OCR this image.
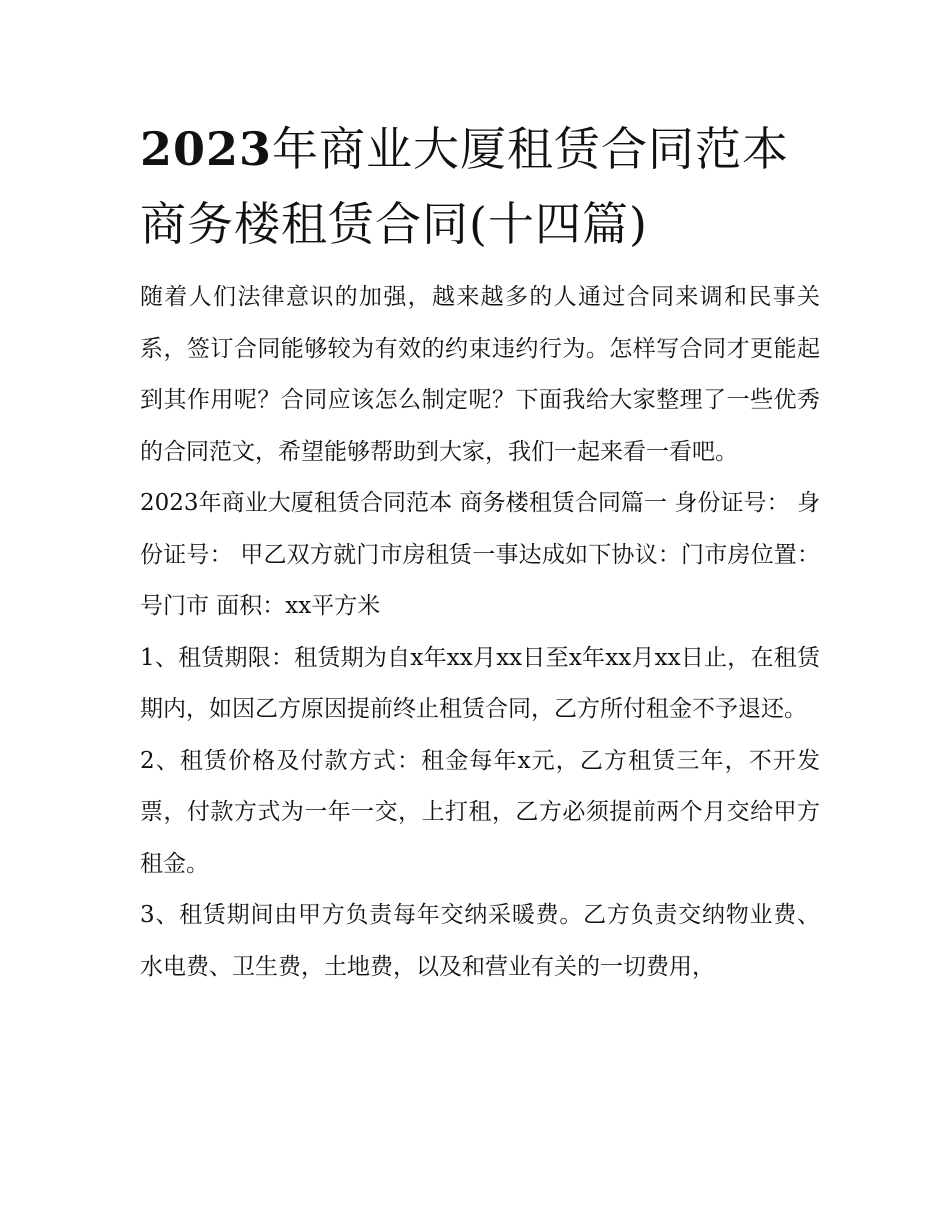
2023年商业大厦租赁合同范本
商务楼租赁合同(十四篇)

随着人们法律意识的加强，越来越多的人通过合同来调和民事关系，签订合同能够较为有效的约束违约行为。怎样写合同才更能起到其作用呢？合同应该怎么制定呢？下面我给大家整理了一些优秀的合同范文，希望能够帮助到大家，我们一起来看一看吧。

2023年商业大厦租赁合同范本 商务楼租赁合同篇一 身份证号： 身份证号： 甲乙双方就门市房租赁一事达成如下协议：门市房位置：号门市 面积：xx平方米

1、租赁期限：租赁期为自x年xx月xx日至x年xx月xx日止，在租赁期内，如因乙方原因提前终止租赁合同，乙方所付租金不予退还。

2、租赁价格及付款方式：租金每年x元，乙方租赁三年，不开发票，付款方式为一年一交，上打租，乙方必须提前两个月交给甲方租金。

3、租赁期间由甲方负责每年交纳采暖费。乙方负责交纳物业费、水电费、卫生费，土地费，以及和营业有关的一切费用，
